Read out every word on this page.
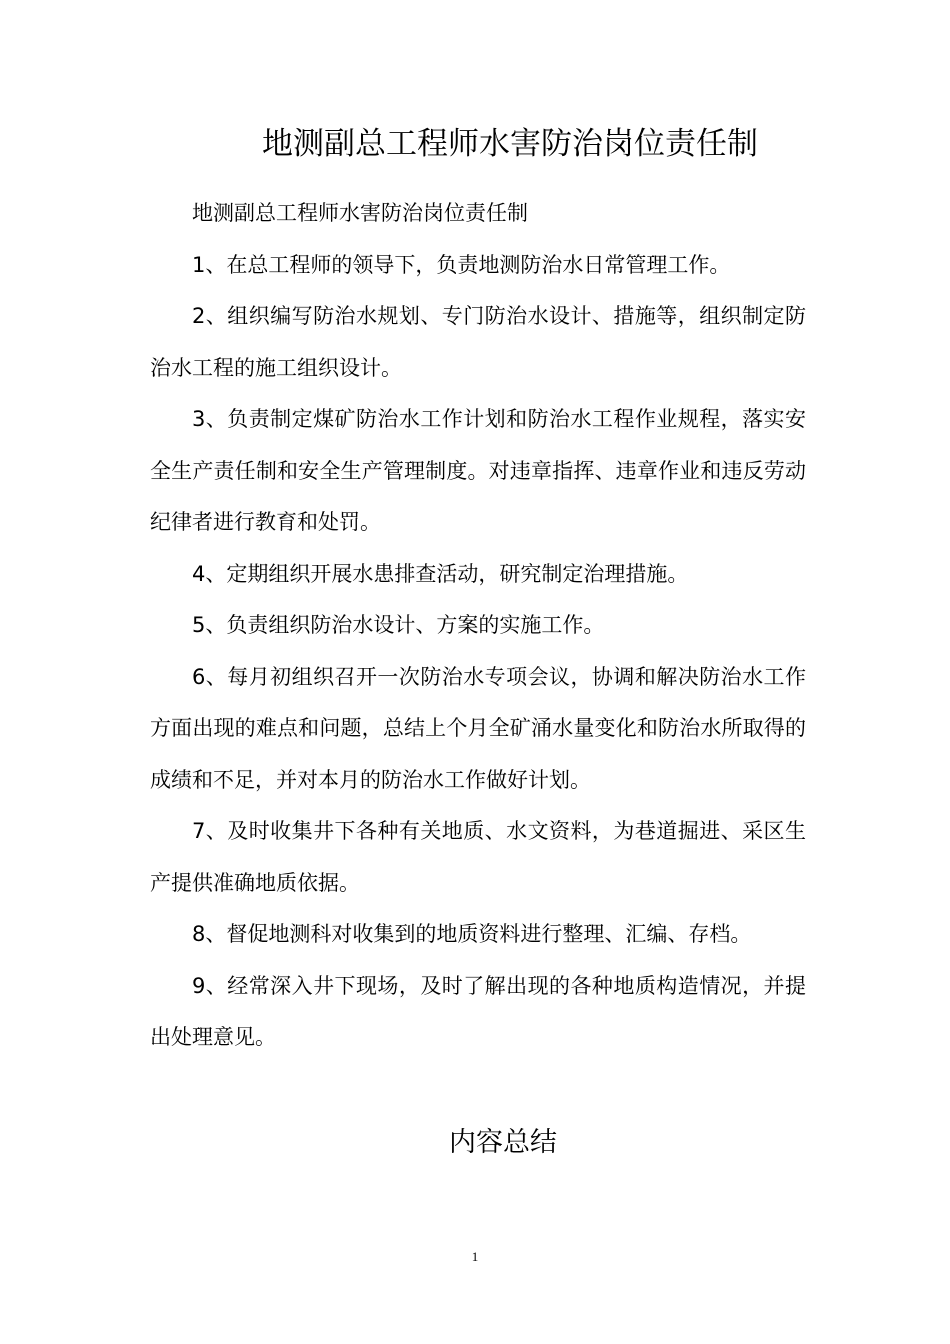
地测副总工程师水害防治岗位责任制

地测副总工程师水害防治岗位责任制

1、在总工程师的领导下，负责地测防治水日常管理工作。

2、组织编写防治水规划、专门防治水设计、措施等，组织制定防治水工程的施工组织设计。

3、负责制定煤矿防治水工作计划和防治水工程作业规程，落实安全生产责任制和安全生产管理制度。对违章指挥、违章作业和违反劳动纪律者进行教育和处罚。

4、定期组织开展水患排查活动，研究制定治理措施。

5、负责组织防治水设计、方案的实施工作。

6、每月初组织召开一次防治水专项会议，协调和解决防治水工作方面出现的难点和问题，总结上个月全矿涌水量变化和防治水所取得的成绩和不足，并对本月的防治水工作做好计划。

7、及时收集井下各种有关地质、水文资料，为巷道掘进、采区生产提供准确地质依据。

8、督促地测科对收集到的地质资料进行整理、汇编、存档。

9、经常深入井下现场，及时了解出现的各种地质构造情况，并提出处理意见。

内容总结
1
